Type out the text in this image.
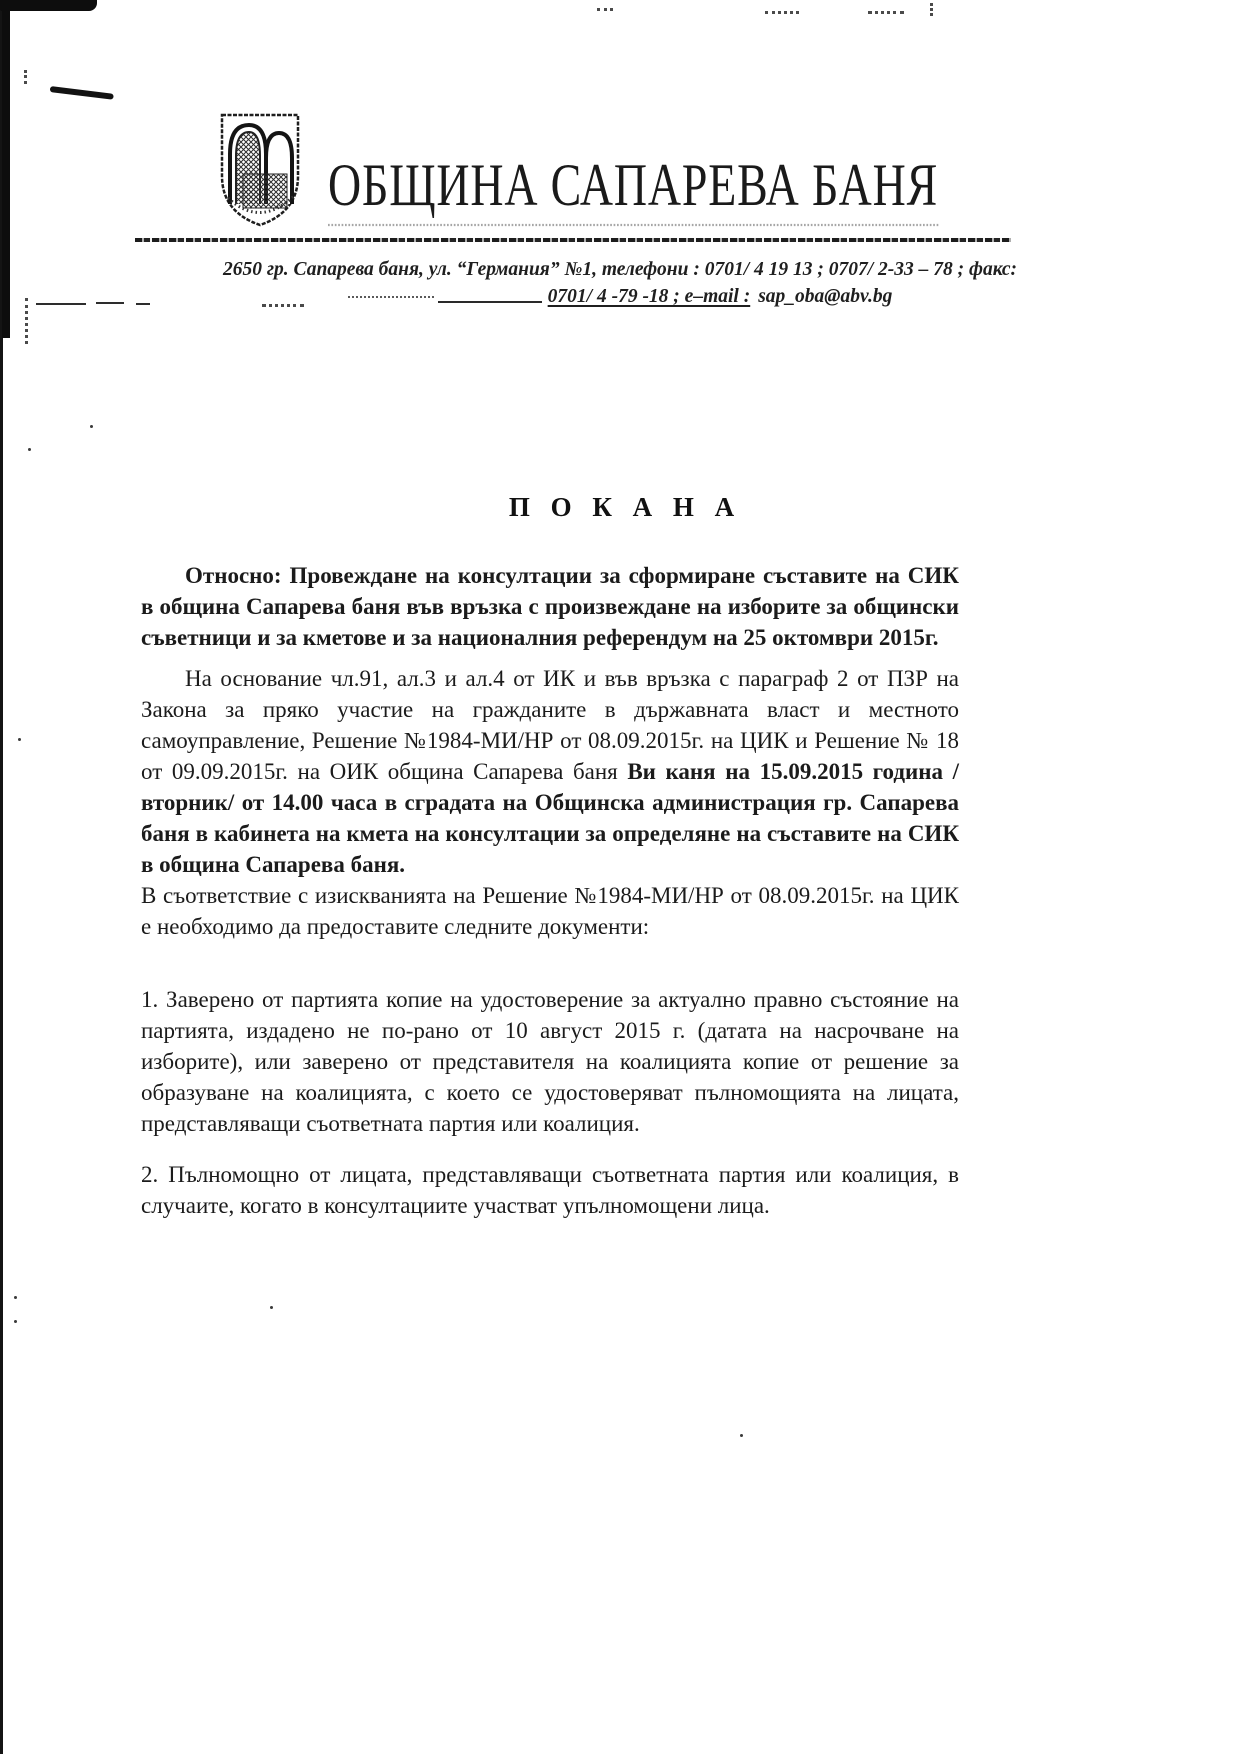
ОБЩИНА САПАРЕВА БАНЯ
2650 гр. Сапарева баня, ул. “Германия” №1, телефони : 0701/ 4 19 13 ; 0707/ 2-33 – 78 ; факс:
0701/ 4 -79 -18 ; e–mail : sap_oba@abv.bg
П О К А Н А

Относно: Провеждане на консултации за сформиране съставите на СИК в община Сапарева баня във връзка с произвеждане на изборите за общински съветници и за кметове и за националния референдум на 25 октомври 2015г.

На основание чл.91, ал.3 и ал.4 от ИК и във връзка с параграф 2 от ПЗР на Закона за пряко участие на гражданите в държавната власт и местното самоуправление, Решение №1984-МИ/НР от 08.09.2015г. на ЦИК и Решение № 18 от 09.09.2015г. на ОИК община Сапарева баня Ви каня на 15.09.2015 година /вторник/ от 14.00 часа в сградата на Общинска администрация гр. Сапарева баня в кабинета на кмета на консултации за определяне на съставите на СИК в община Сапарева баня.

В съответствие с изискванията на Решение №1984-МИ/НР от 08.09.2015г. на ЦИК е необходимо да предоставите следните документи:

1. Заверено от партията копие на удостоверение за актуално правно състояние на партията, издадено не по-рано от 10 август 2015 г. (датата на насрочване на изборите), или заверено от представителя на коалицията копие от решение за образуване на коалицията, с което се удостоверяват пълномощията на лицата, представляващи съответната партия или коалиция.

2. Пълномощно от лицата, представляващи съответната партия или коалиция, в случаите, когато в консултациите участват упълномощени лица.
